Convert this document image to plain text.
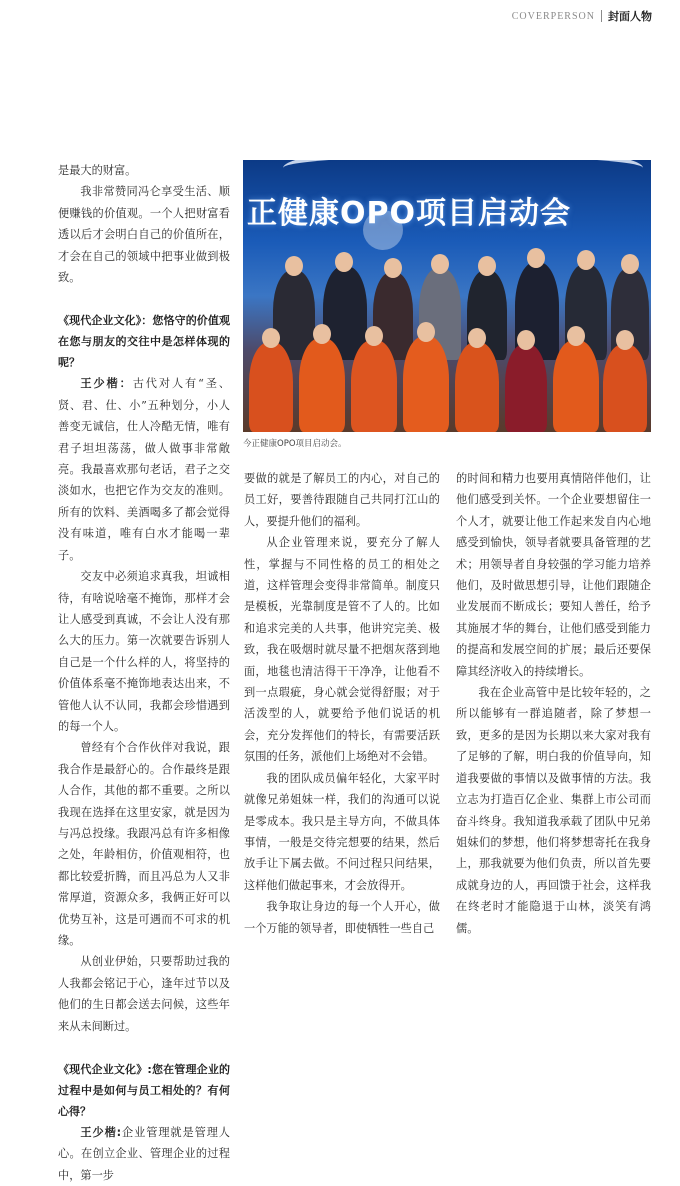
COVERPERSON 封面人物

是最大的财富。

我非常赞同冯仑享受生活、顺便赚钱的价值观。一个人把财富看透以后才会明白自己的价值所在，才会在自己的领域中把事业做到极致。

《现代企业文化》：您恪守的价值观在您与朋友的交往中是怎样体现的呢？

王少楷：古代对人有“圣、贤、君、仕、小”五种划分，小人善变无诚信，仕人冷酷无情，唯有君子坦坦荡荡，做人做事非常敞亮。我最喜欢那句老话，君子之交淡如水，也把它作为交友的准则。所有的饮料、美酒喝多了都会觉得没有味道，唯有白水才能喝一辈子。

交友中必须追求真我，坦诚相待，有啥说啥毫不掩饰，那样才会让人感受到真诚，不会让人没有那么大的压力。第一次就要告诉别人自己是一个什么样的人，将坚持的价值体系毫不掩饰地表达出来，不管他人认不认同，我都会珍惜遇到的每一个人。

曾经有个合作伙伴对我说，跟我合作是最舒心的。合作最终是跟人合作，其他的都不重要。之所以我现在选择在这里安家，就是因为与冯总投缘。我跟冯总有许多相像之处，年龄相仿，价值观相符，也都比较爱折腾，而且冯总为人又非常厚道，资源众多，我俩正好可以优势互补，这是可遇而不可求的机缘。

从创业伊始，只要帮助过我的人我都会铭记于心，逢年过节以及他们的生日都会送去问候，这些年来从未间断过。

《现代企业文化》:您在管理企业的过程中是如何与员工相处的？有何心得？

王少楷:企业管理就是管理人心。在创立企业、管理企业的过程中，第一步

正健康OPO项目启动会
今正健康OPO项目启动会。

要做的就是了解员工的内心，对自己的员工好，要善待跟随自己共同打江山的人，要提升他们的福利。

从企业管理来说，要充分了解人性，掌握与不同性格的员工的相处之道，这样管理会变得非常简单。制度只是模板，光靠制度是管不了人的。比如和追求完美的人共事，他讲究完美、极致，我在吸烟时就尽量不把烟灰落到地面，地毯也清洁得干干净净，让他看不到一点瑕疵，身心就会觉得舒服；对于活泼型的人，就要给予他们说话的机会，充分发挥他们的特长，有需要活跃氛围的任务，派他们上场绝对不会错。

我的团队成员偏年轻化，大家平时就像兄弟姐妹一样，我们的沟通可以说是零成本。我只是主导方向，不做具体事情，一般是交待完想要的结果，然后放手让下属去做。不问过程只问结果，这样他们做起事来，才会放得开。

我争取让身边的每一个人开心，做一个万能的领导者，即使牺牲一些自己

的时间和精力也要用真情陪伴他们，让他们感受到关怀。一个企业要想留住一个人才，就要让他工作起来发自内心地感受到愉快，领导者就要具备管理的艺术；用领导者自身较强的学习能力培养他们，及时做思想引导，让他们跟随企业发展而不断成长；要知人善任，给予其施展才华的舞台，让他们感受到能力的提高和发展空间的扩展；最后还要保障其经济收入的持续增长。

我在企业高管中是比较年轻的，之所以能够有一群追随者，除了梦想一致，更多的是因为长期以来大家对我有了足够的了解，明白我的价值导向，知道我要做的事情以及做事情的方法。我立志为打造百亿企业、集群上市公司而奋斗终身。我知道我承载了团队中兄弟姐妹们的梦想，他们将梦想寄托在我身上，那我就要为他们负责，所以首先要成就身边的人，再回馈于社会，这样我在终老时才能隐退于山林，淡笑有鸿儒。
